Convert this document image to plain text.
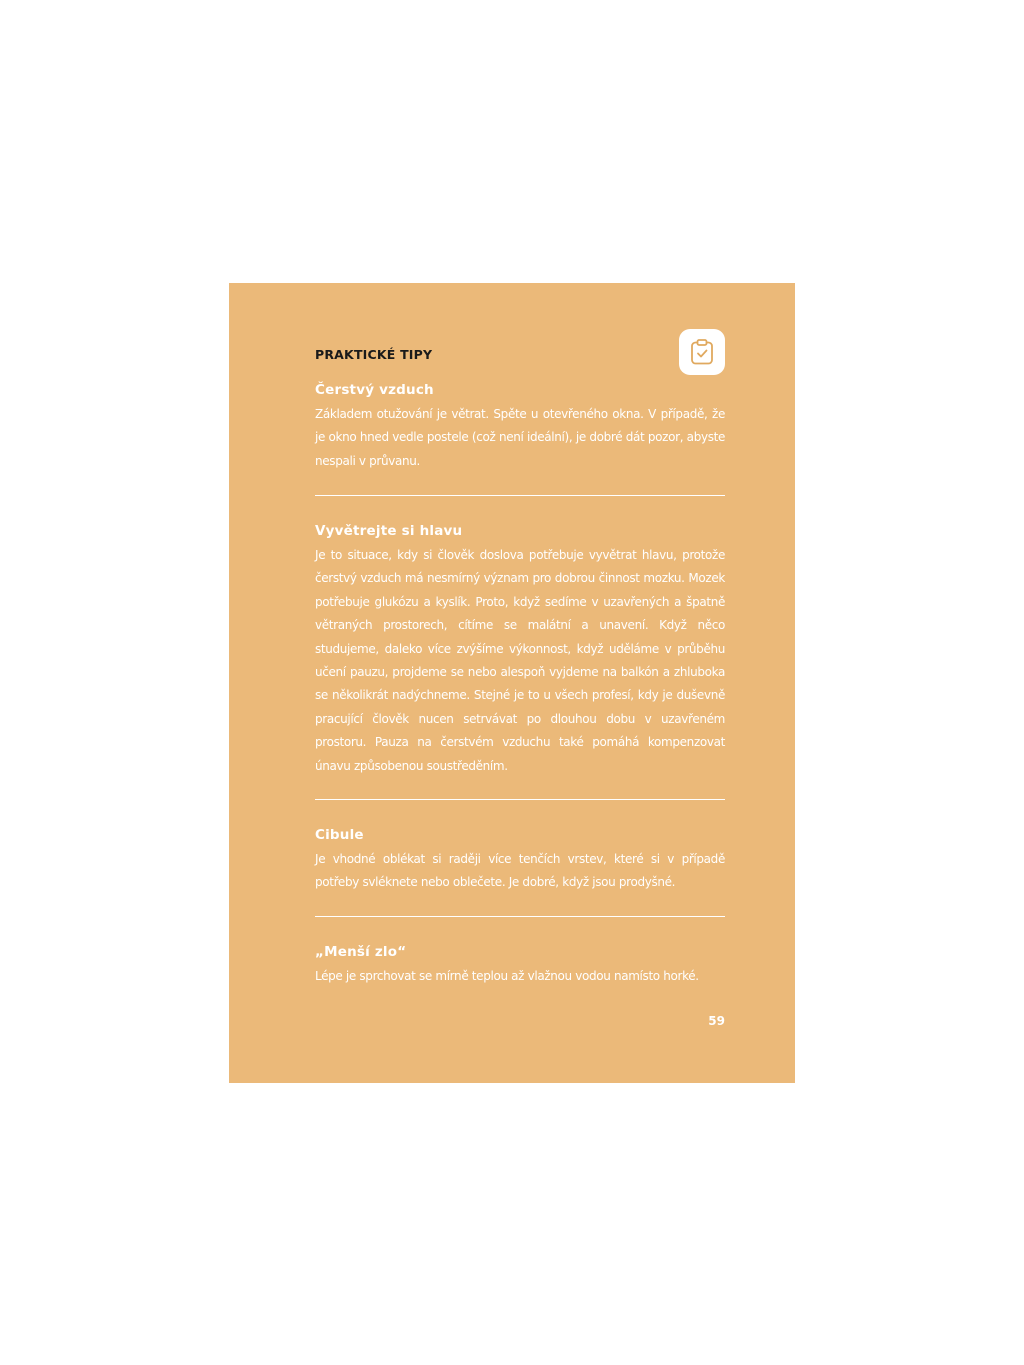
PRAKTICKÉ TIPY
Čerstvý vzduch

Základem otužování je větrat. Spěte u otevřeného okna. V případě, že je okno hned vedle postele (což není ideální), je dobré dát pozor, abyste nespali v průvanu.

Vyvětrejte si hlavu

Je to situace, kdy si člověk doslova potřebuje vyvětrat hlavu, protože čerstvý vzduch má nesmírný význam pro dobrou činnost mozku. Mozek potřebuje glukózu a kyslík. Proto, když sedíme v uzavřených a špatně větraných prostorech, cítíme se malátní a unavení. Když něco studujeme, daleko více zvýšíme výkonnost, když uděláme v průběhu učení pauzu, projdeme se nebo alespoň vyjdeme na balkón a zhluboka se několikrát nadýchneme. Stejné je to u všech profesí, kdy je duševně pracující člověk nucen setrvávat po dlouhou dobu v uzavřeném prostoru. Pauza na čerstvém vzduchu také pomáhá kompenzovat únavu způsobenou soustředěním.

Cibule

Je vhodné oblékat si raději více tenčích vrstev, které si v případě potřeby svléknete nebo oblečete. Je dobré, když jsou prodyšné.

„Menší zlo“

Lépe je sprchovat se mírně teplou až vlažnou vodou namísto horké.

59
